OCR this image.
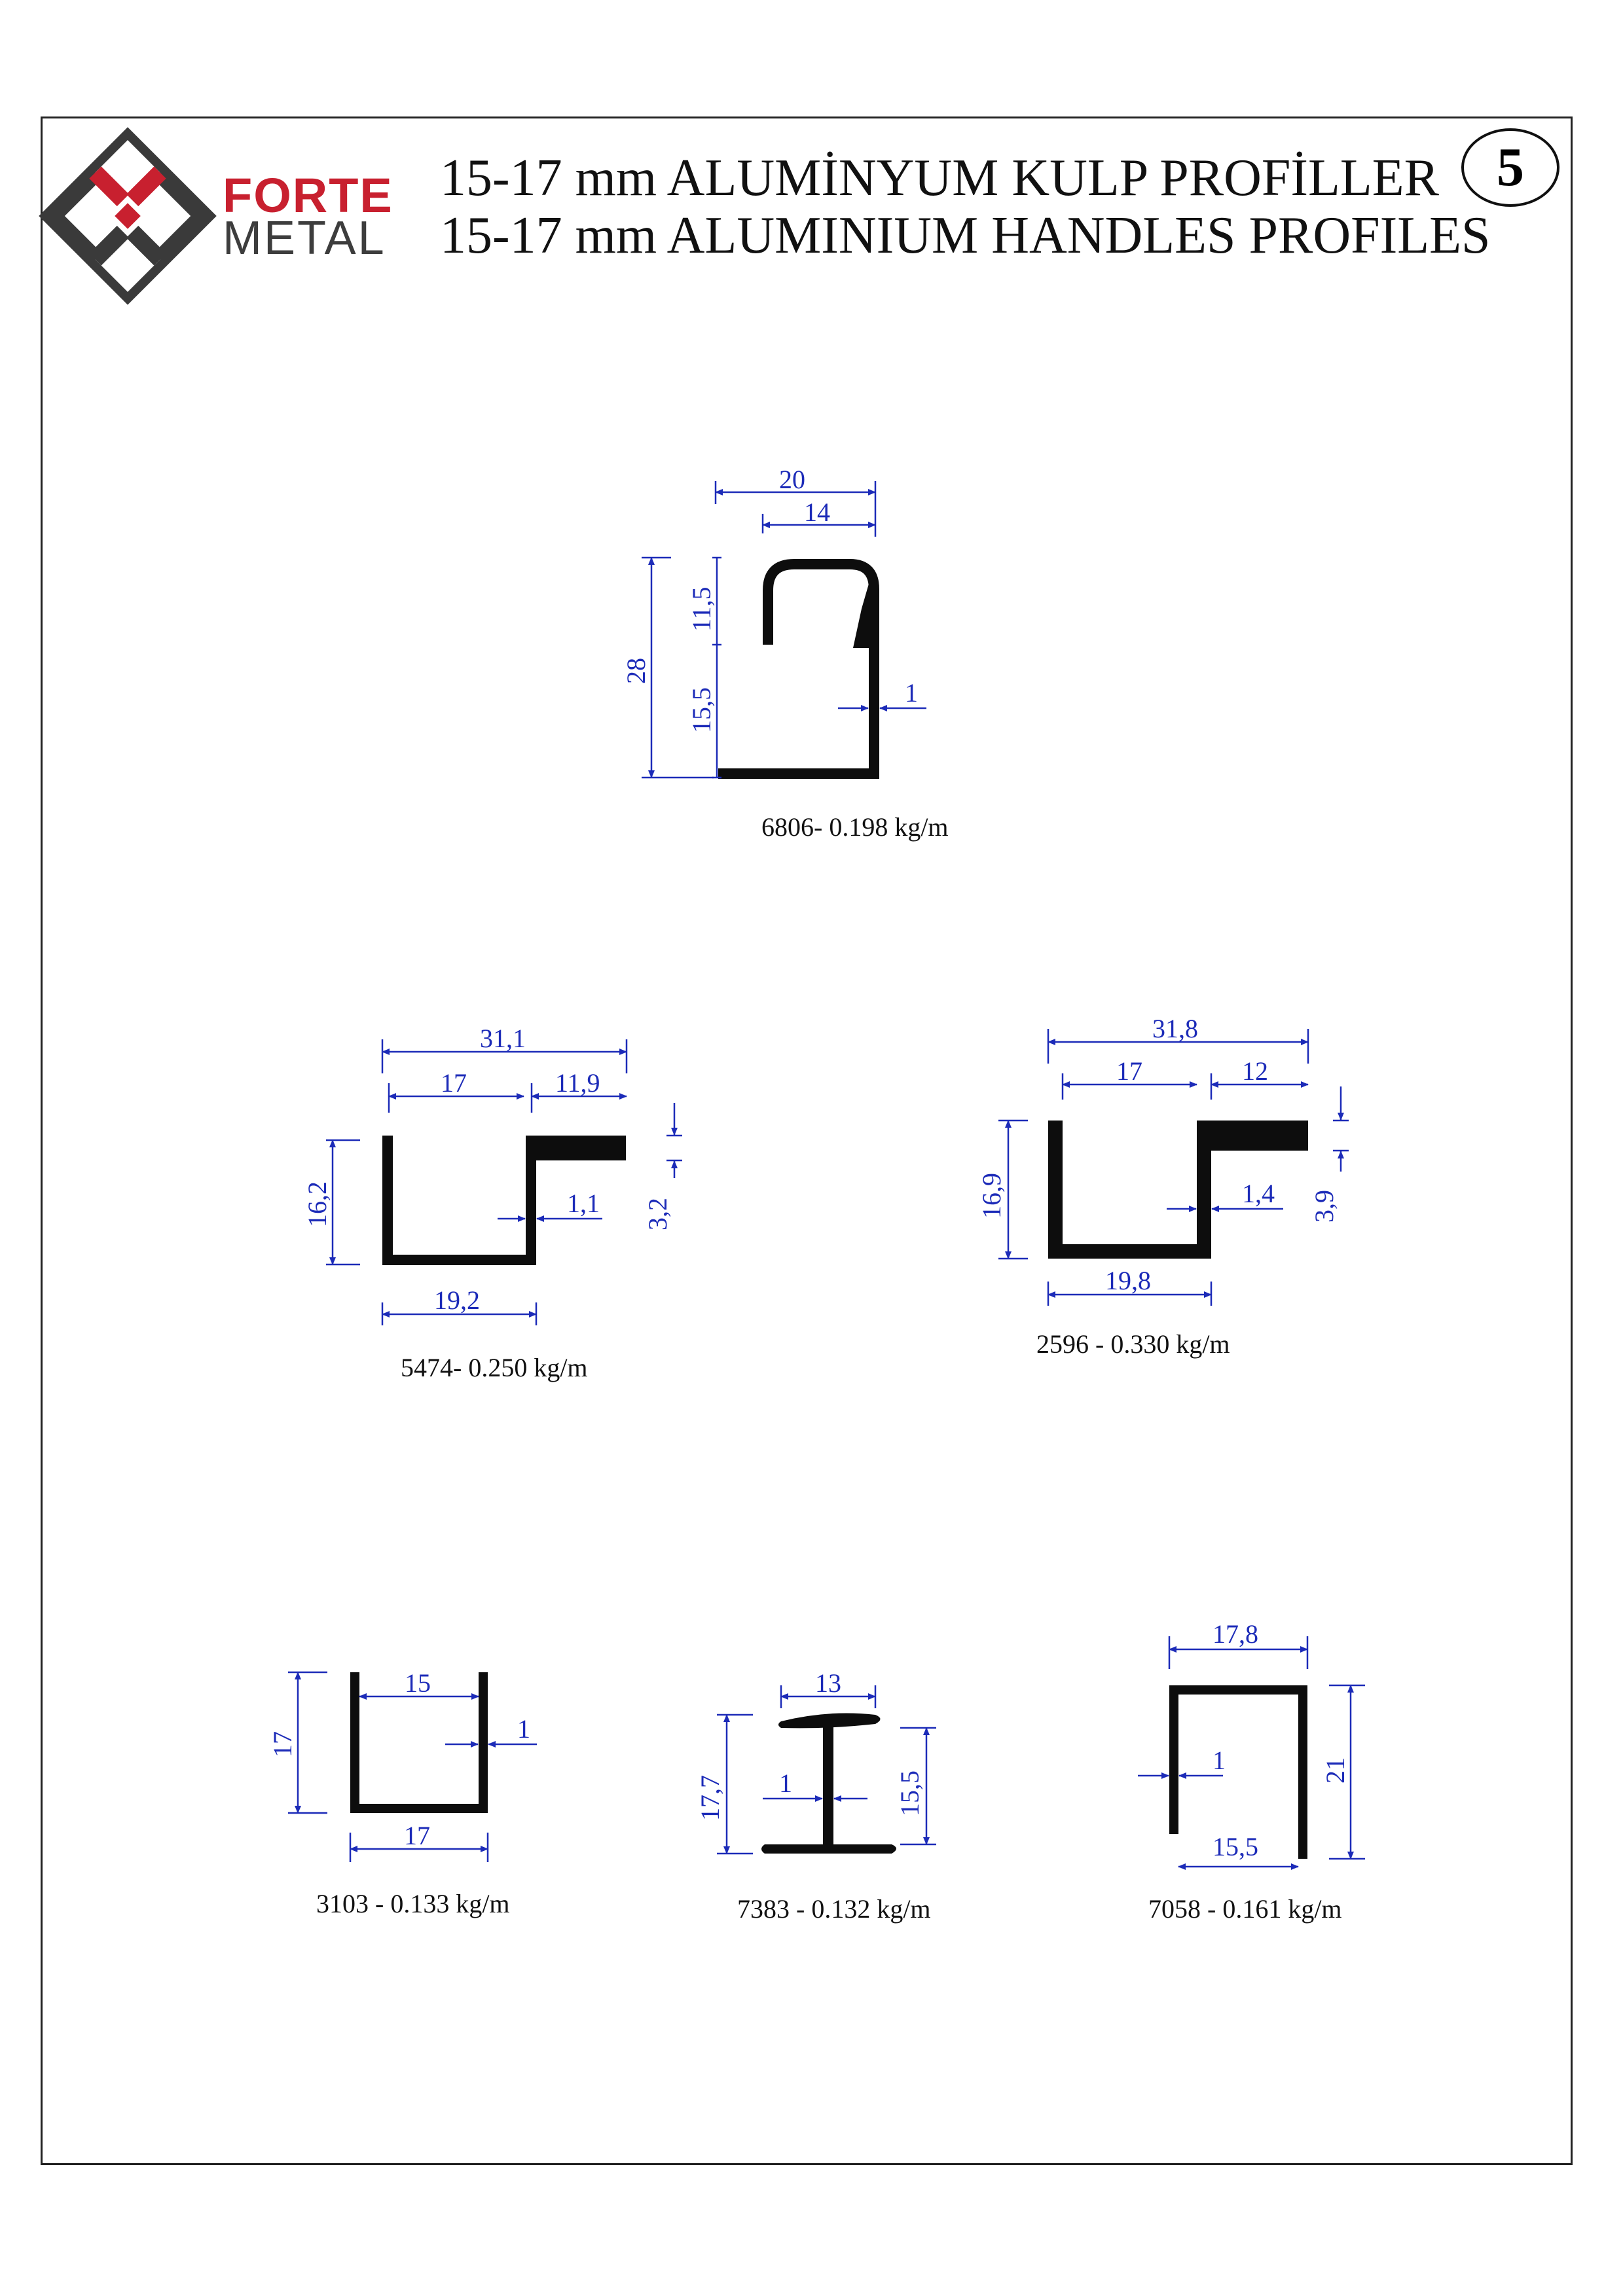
FORTE
METAL
15-17 mm ALUMİNYUM KULP PROFİLLER
15-17 mm ALUMINIUM HANDLES PROFILES
5
20
14
28
11,5
15,5	1
31,1
17	11,9
16,2	3,2
1,1
19,2
31,8
17	12
16,9	3,9
1,4
19,8
15
17
1
17
13
17,7	15,5
1
17,8
21
1
15,5
6806- 0.198 kg/m
5474- 0.250 kg/m
2596 - 0.330 kg/m
3103 - 0.133 kg/m	7383 - 0.132 kg/m	7058 - 0.161 kg/m
